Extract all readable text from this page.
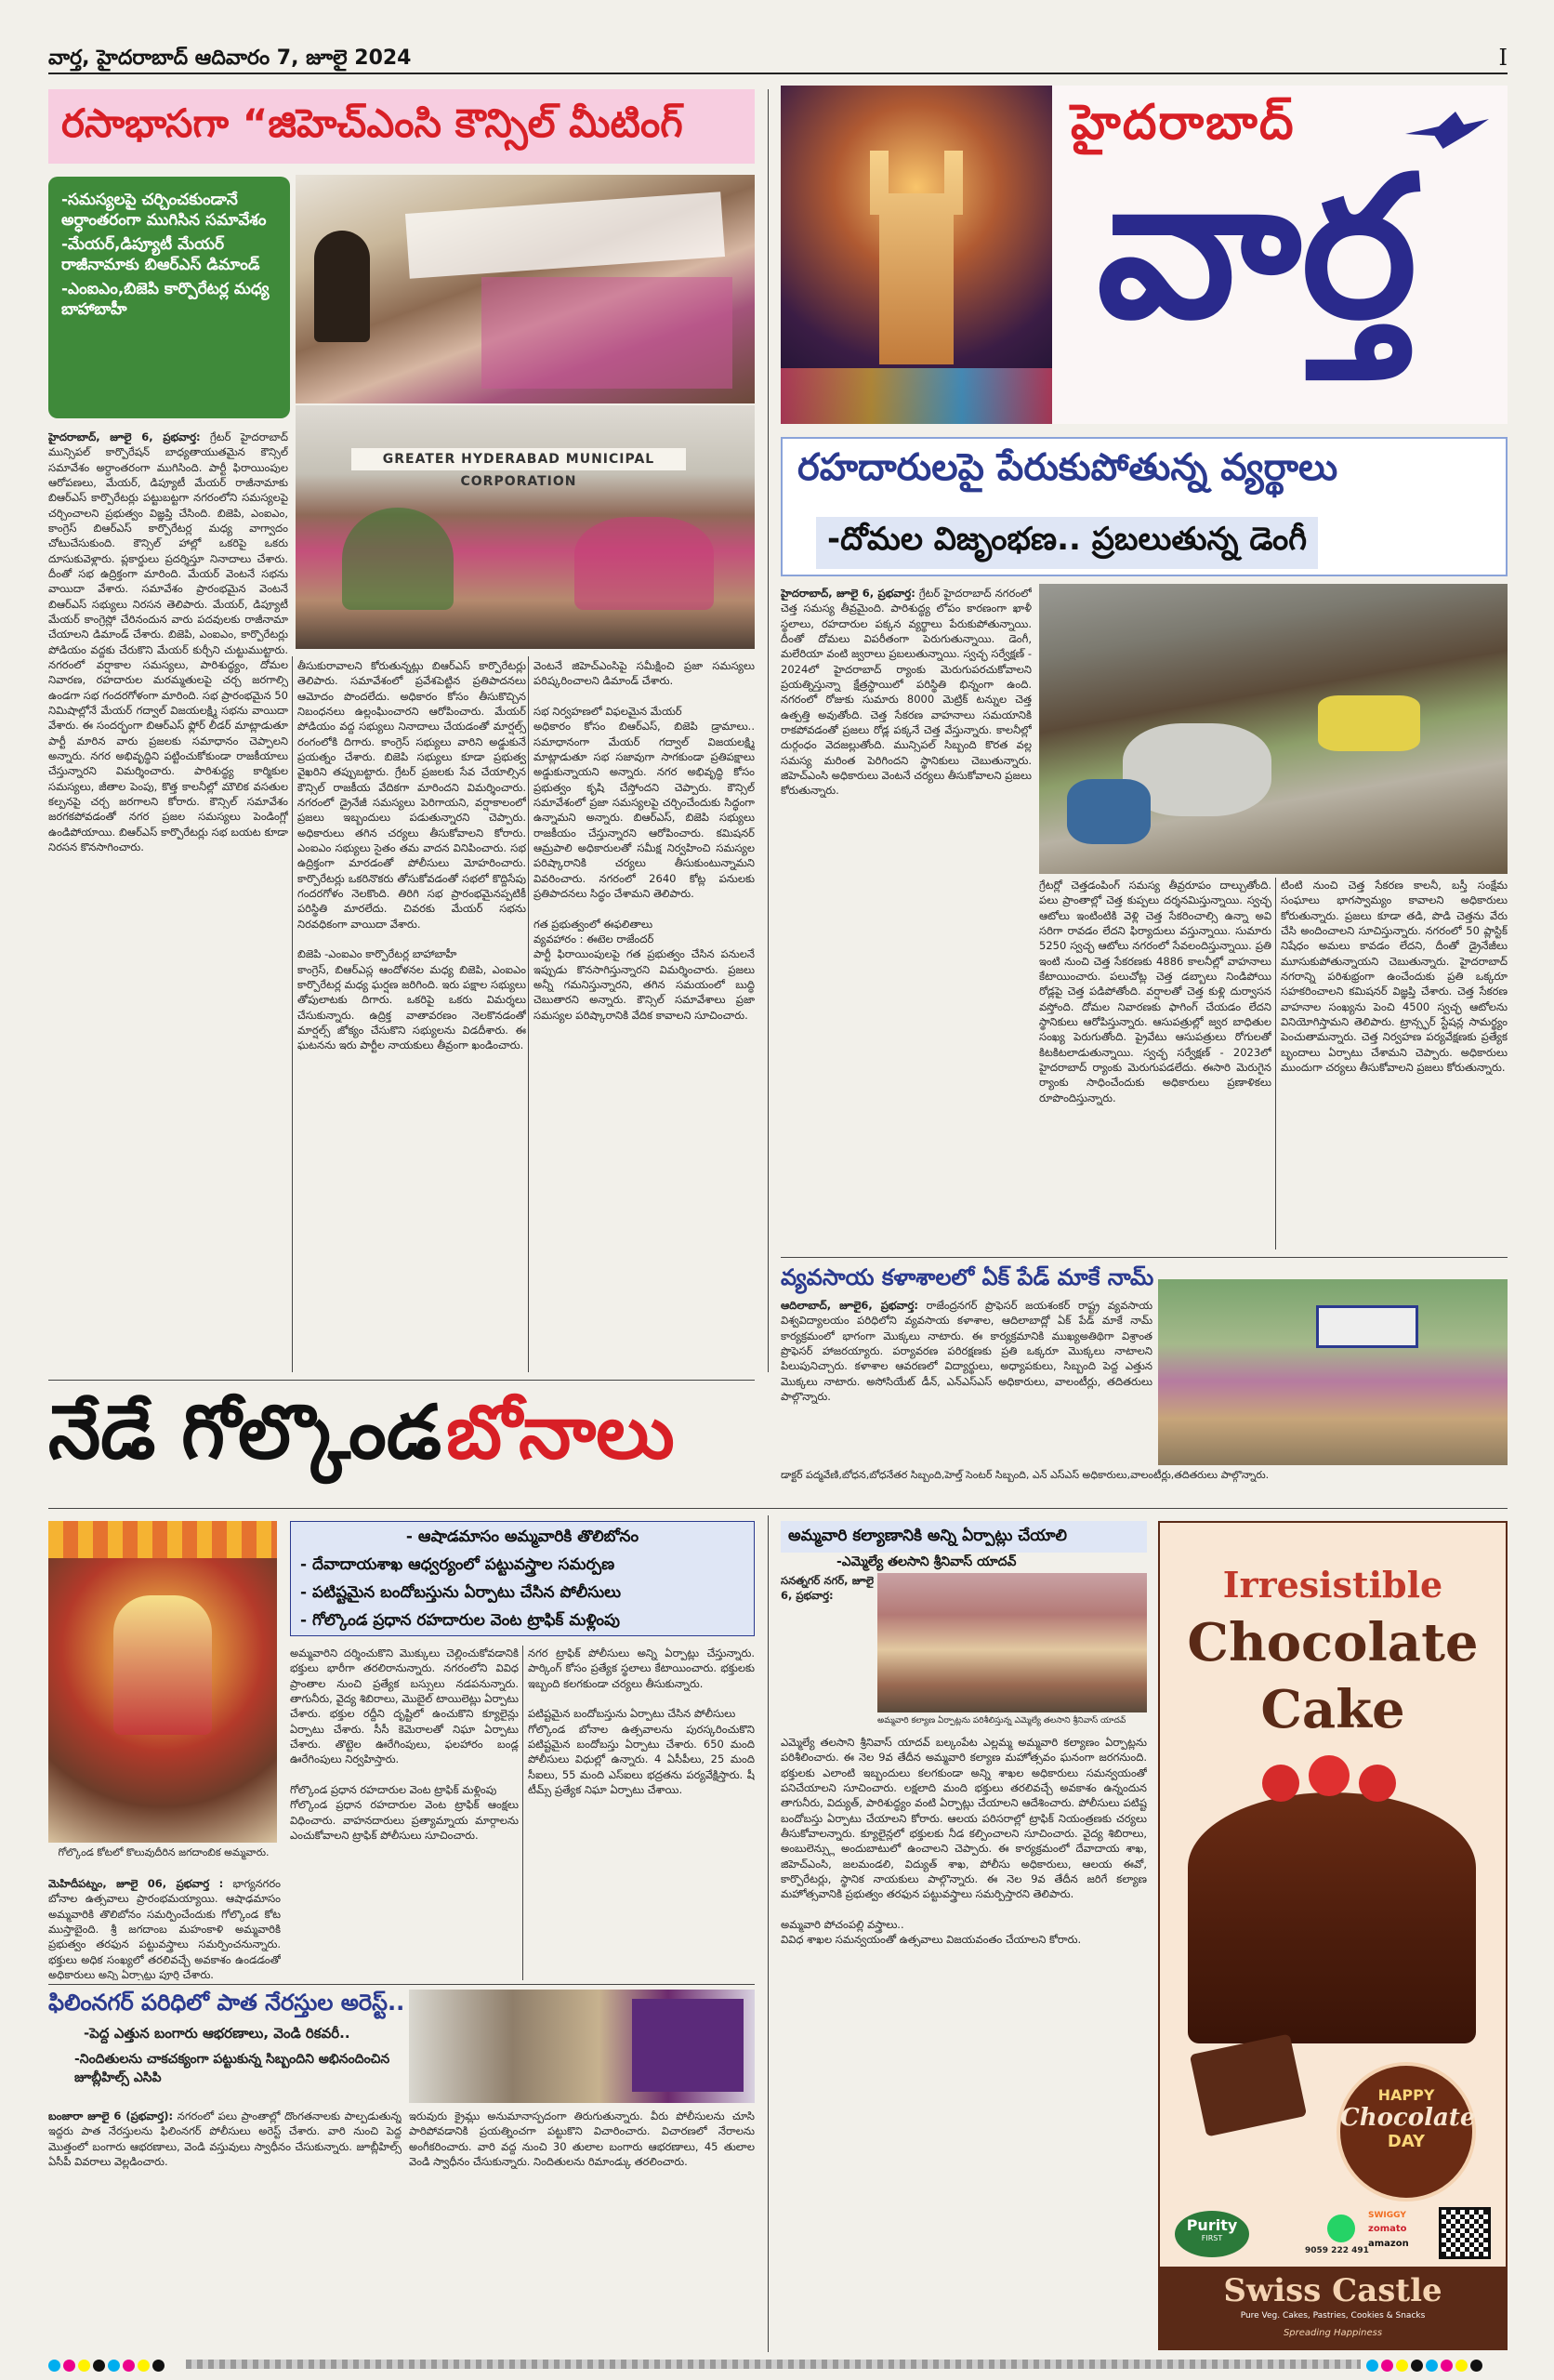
వార్త, హైదరాబాద్ ఆదివారం 7, జూలై 2024	I
రసాభాసగా “జిహెచ్ఎంసి కౌన్సిల్ మీటింగ్
-సమస్యలపై చర్చించకుండానే అర్ధాంతరంగా ముగిసిన సమావేశం
-మేయర్,డిప్యూటీ మేయర్ రాజీనామాకు బిఆర్ఎస్ డిమాండ్
-ఎంఐఎం,బిజెపి కార్పొరేటర్ల మధ్య బాహాబాహీ
GREATER HYDERABAD MUNICIPAL CORPORATION

హైదరాబాద్, జూలై 6, ప్రభవార్త: గ్రేటర్ హైదరాబాద్ మున్సిపల్ కార్పొరేషన్ బాధ్యతాయుతమైన కౌన్సిల్ సమావేశం అర్ధాంతరంగా ముగిసింది. పార్టీ ఫిరాయింపుల ఆరోపణలు, మేయర్, డిప్యూటీ మేయర్ రాజీనామాకు బిఆర్ఎస్ కార్పొరేటర్లు పట్టుబట్టగా నగరంలోని సమస్యలపై చర్చించాలని ప్రభుత్వం విజ్ఞప్తి చేసింది. బిజెపి, ఎంఐఎం, కాంగ్రెస్ బిఆర్ఎస్ కార్పొరేటర్ల మధ్య వాగ్వాదం చోటుచేసుకుంది. కౌన్సిల్ హాల్లో ఒకరిపై ఒకరు దూసుకువెళ్లారు. ప్లకార్డులు ప్రదర్శిస్తూ నినాదాలు చేశారు. దీంతో సభ ఉద్రిక్తంగా మారింది. మేయర్ వెంటనే సభను వాయిదా వేశారు. సమావేశం ప్రారంభమైన వెంటనే బిఆర్ఎస్ సభ్యులు నిరసన తెలిపారు. మేయర్, డిప్యూటీ మేయర్ కాంగ్రెస్లో చేరినందున వారు పదవులకు రాజీనామా చేయాలని డిమాండ్ చేశారు. బిజెపి, ఎంఐఎం, కార్పొరేటర్లు పోడియం వద్దకు చేరుకొని మేయర్ కుర్చీని చుట్టుముట్టారు. నగరంలో వర్షాకాల సమస్యలు, పారిశుద్ధ్యం, దోమల నివారణ, రహదారుల మరమ్మతులపై చర్చ జరగాల్సి ఉండగా సభ గందరగోళంగా మారింది. సభ ప్రారంభమైన 50 నిమిషాల్లోనే మేయర్ గద్వాల్ విజయలక్ష్మి సభను వాయిదా వేశారు. ఈ సందర్భంగా బిఆర్ఎస్ ఫ్లోర్ లీడర్ మాట్లాడుతూ పార్టీ మారిన వారు ప్రజలకు సమాధానం చెప్పాలని అన్నారు. నగర అభివృద్ధిని పట్టించుకోకుండా రాజకీయాలు చేస్తున్నారని విమర్శించారు. పారిశుద్ధ్య కార్మికుల సమస్యలు, జీతాల పెంపు, కొత్త కాలనీల్లో మౌలిక వసతుల కల్పనపై చర్చ జరగాలని కోరారు. కౌన్సిల్ సమావేశం జరగకపోవడంతో నగర ప్రజల సమస్యలు పెండింగ్లో ఉండిపోయాయి. బిఆర్ఎస్ కార్పొరేటర్లు సభ బయట కూడా నిరసన కొనసాగించారు.

తీసుకురావాలని కోరుతున్నట్లు బిఆర్ఎస్ కార్పొరేటర్లు తెలిపారు. సమావేశంలో ప్రవేశపెట్టిన ప్రతిపాదనలు ఆమోదం పొందలేదు. అధికారం కోసం తీసుకొచ్చిన నిబంధనలు ఉల్లంఘించారని ఆరోపించారు. మేయర్ పోడియం వద్ద సభ్యులు నినాదాలు చేయడంతో మార్షల్స్ రంగంలోకి దిగారు. కాంగ్రెస్ సభ్యులు వారిని అడ్డుకునే ప్రయత్నం చేశారు. బిజెపి సభ్యులు కూడా ప్రభుత్వ వైఖరిని తప్పుబట్టారు. గ్రేటర్ ప్రజలకు సేవ చేయాల్సిన కౌన్సిల్ రాజకీయ వేదికగా మారిందని విమర్శించారు. నగరంలో డ్రైనేజీ సమస్యలు పెరిగాయని, వర్షాకాలంలో ప్రజలు ఇబ్బందులు పడుతున్నారని చెప్పారు. అధికారులు తగిన చర్యలు తీసుకోవాలని కోరారు. ఎంఐఎం సభ్యులు సైతం తమ వాదన వినిపించారు. సభ ఉద్రిక్తంగా మారడంతో పోలీసులు మోహరించారు. కార్పొరేటర్లు ఒకరినొకరు తోసుకోవడంతో సభలో కొద్దిసేపు గందరగోళం నెలకొంది. తిరిగి సభ ప్రారంభమైనప్పటికీ పరిస్థితి మారలేదు. చివరకు మేయర్ సభను నిరవధికంగా వాయిదా వేశారు.

బిజెపి -ఎంఐఎం కార్పొరేటర్ల బాహాబాహీ
కాంగ్రెస్, బిఆర్ఎస్ల ఆందోళనల మధ్య బిజెపి, ఎంఐఎం కార్పొరేటర్ల మధ్య ఘర్షణ జరిగింది. ఇరు పక్షాల సభ్యులు తోపులాటకు దిగారు. ఒకరిపై ఒకరు విమర్శలు చేసుకున్నారు. ఉద్రిక్త వాతావరణం నెలకొనడంతో మార్షల్స్ జోక్యం చేసుకొని సభ్యులను విడదీశారు. ఈ ఘటనను ఇరు పార్టీల నాయకులు తీవ్రంగా ఖండించారు.

వెంటనే జిహెచ్ఎంసిపై సమీక్షించి ప్రజా సమస్యలు పరిష్కరించాలని డిమాండ్ చేశారు.

సభ నిర్వహణలో విఫలమైన మేయర్
అధికారం కోసం బిఆర్ఎస్, బిజెపి డ్రామాలు.. సమాధానంగా మేయర్ గద్వాల్ విజయలక్ష్మి మాట్లాడుతూ సభ సజావుగా సాగకుండా ప్రతిపక్షాలు అడ్డుకున్నాయని అన్నారు. నగర అభివృద్ధి కోసం ప్రభుత్వం కృషి చేస్తోందని చెప్పారు. కౌన్సిల్ సమావేశంలో ప్రజా సమస్యలపై చర్చించేందుకు సిద్ధంగా ఉన్నామని అన్నారు. బిఆర్ఎస్, బిజెపి సభ్యులు రాజకీయం చేస్తున్నారని ఆరోపించారు. కమిషనర్ ఆమ్రపాలి అధికారులతో సమీక్ష నిర్వహించి సమస్యల పరిష్కారానికి చర్యలు తీసుకుంటున్నామని వివరించారు. నగరంలో 2640 కోట్ల పనులకు ప్రతిపాదనలు సిద్ధం చేశామని తెలిపారు.

గత ప్రభుత్వంలో ఈఫలితాలు
వ్యవహారం : ఈటెల రాజేందర్
పార్టీ ఫిరాయింపులపై గత ప్రభుత్వం చేసిన పనులనే ఇప్పుడు కొనసాగిస్తున్నారని విమర్శించారు. ప్రజలు అన్నీ గమనిస్తున్నారని, తగిన సమయంలో బుద్ధి చెబుతారని అన్నారు. కౌన్సిల్ సమావేశాలు ప్రజా సమస్యల పరిష్కారానికి వేదిక కావాలని సూచించారు.

హైదరాబాద్
వార్త
రహదారులపై పేరుకుపోతున్న వ్యర్థాలు
-దోమల విజృంభణ.. ప్రబలుతున్న డెంగీ

హైదరాబాద్, జూలై 6, ప్రభవార్త: గ్రేటర్ హైదరాబాద్ నగరంలో చెత్త సమస్య తీవ్రమైంది. పారిశుద్ధ్య లోపం కారణంగా ఖాళీ స్థలాలు, రహదారుల పక్కన వ్యర్థాలు పేరుకుపోతున్నాయి. దీంతో దోమలు విపరీతంగా పెరుగుతున్నాయి. డెంగీ, మలేరియా వంటి జ్వరాలు ప్రబలుతున్నాయి. స్వచ్ఛ సర్వేక్షణ్ - 2024లో హైదరాబాద్ ర్యాంకు మెరుగుపరచుకోవాలని ప్రయత్నిస్తున్నా క్షేత్రస్థాయిలో పరిస్థితి భిన్నంగా ఉంది. నగరంలో రోజుకు సుమారు 8000 మెట్రిక్ టన్నుల చెత్త ఉత్పత్తి అవుతోంది. చెత్త సేకరణ వాహనాలు సమయానికి రాకపోవడంతో ప్రజలు రోడ్ల పక్కనే చెత్త వేస్తున్నారు. కాలనీల్లో దుర్గంధం వెదజల్లుతోంది. మున్సిపల్ సిబ్బంది కొరత వల్ల సమస్య మరింత పెరిగిందని స్థానికులు చెబుతున్నారు. జిహెచ్ఎంసి అధికారులు వెంటనే చర్యలు తీసుకోవాలని ప్రజలు కోరుతున్నారు.

గ్రేటర్లో చెత్తడంపింగ్ సమస్య తీవ్రరూపం దాల్చుతోంది. పలు ప్రాంతాల్లో చెత్త కుప్పలు దర్శనమిస్తున్నాయి. స్వచ్ఛ ఆటోలు ఇంటింటికి వెళ్లి చెత్త సేకరించాల్సి ఉన్నా అవి సరిగా రావడం లేదని ఫిర్యాదులు వస్తున్నాయి. సుమారు 5250 స్వచ్ఛ ఆటోలు నగరంలో సేవలందిస్తున్నాయి. ప్రతి ఇంటి నుంచి చెత్త సేకరణకు 4886 కాలనీల్లో వాహనాలు కేటాయించారు. పలుచోట్ల చెత్త డబ్బాలు నిండిపోయి రోడ్లపై చెత్త పడిపోతోంది. వర్షాలతో చెత్త కుళ్లి దుర్వాసన వస్తోంది. దోమల నివారణకు ఫాగింగ్ చేయడం లేదని స్థానికులు ఆరోపిస్తున్నారు. ఆసుపత్రుల్లో జ్వర బాధితుల సంఖ్య పెరుగుతోంది. ప్రైవేటు ఆసుపత్రులు రోగులతో కిటకిటలాడుతున్నాయి. స్వచ్ఛ సర్వేక్షణ్ - 2023లో హైదరాబాద్ ర్యాంకు మెరుగుపడలేదు. ఈసారి మెరుగైన ర్యాంకు సాధించేందుకు అధికారులు ప్రణాళికలు రూపొందిస్తున్నారు.

టింటి నుంచి చెత్త సేకరణ కాలనీ, బస్తీ సంక్షేమ సంఘాలు భాగస్వామ్యం కావాలని అధికారులు కోరుతున్నారు. ప్రజలు కూడా తడి, పొడి చెత్తను వేరు చేసి అందించాలని సూచిస్తున్నారు. నగరంలో 50 ప్లాస్టిక్ నిషేధం అమలు కావడం లేదని, దీంతో డ్రైనేజీలు మూసుకుపోతున్నాయని చెబుతున్నారు. హైదరాబాద్ నగరాన్ని పరిశుభ్రంగా ఉంచేందుకు ప్రతి ఒక్కరూ సహకరించాలని కమిషనర్ విజ్ఞప్తి చేశారు. చెత్త సేకరణ వాహనాల సంఖ్యను పెంచి 4500 స్వచ్ఛ ఆటోలను వినియోగిస్తామని తెలిపారు. ట్రాన్స్ఫర్ స్టేషన్ల సామర్థ్యం పెంచుతామన్నారు. చెత్త నిర్వహణ పర్యవేక్షణకు ప్రత్యేక బృందాలు ఏర్పాటు చేశామని చెప్పారు. అధికారులు ముందుగా చర్యలు తీసుకోవాలని ప్రజలు కోరుతున్నారు.

వ్యవసాయ కళాశాలలో ఏక్ పేడ్ మాకే నామ్

ఆదిలాబాద్, జూలై6, ప్రభవార్త: రాజేంద్రనగర్ ప్రొఫెసర్ జయశంకర్ రాష్ట్ర వ్యవసాయ విశ్వవిద్యాలయం పరిధిలోని వ్యవసాయ కళాశాల, ఆదిలాబాద్లో ఏక్ పేడ్ మాకే నామ్ కార్యక్రమంలో భాగంగా మొక్కలు నాటారు. ఈ కార్యక్రమానికి ముఖ్యఅతిథిగా విశ్రాంత ప్రొఫెసర్ హాజరయ్యారు. పర్యావరణ పరిరక్షణకు ప్రతి ఒక్కరూ మొక్కలు నాటాలని పిలుపునిచ్చారు. కళాశాల ఆవరణలో విద్యార్థులు, అధ్యాపకులు, సిబ్బంది పెద్ద ఎత్తున మొక్కలు నాటారు. అసోసియేట్ డీన్, ఎన్ఎస్ఎస్ అధికారులు, వాలంటీర్లు, తదితరులు పాల్గొన్నారు.

డాక్టర్ పద్మవేణి,బోధన,బోధనేతర సిబ్బంది,హెల్త్ సెంటర్ సిబ్బంది, ఎన్ ఎస్ఎస్ అధికారులు,వాలంటీర్లు,తదితరులు పాల్గొన్నారు.
నేడే గోల్కొండ బోనాలు
గోల్కొండ కోటలో కొలువుదీరిన జగదాంబిక అమ్మవారు.
- ఆషాడమాసం అమ్మవారికి తొలిబోనం
- దేవాదాయశాఖ ఆధ్వర్యంలో పట్టువస్త్రాల సమర్పణ
- పటిష్టమైన బందోబస్తును ఏర్పాటు చేసిన పోలీసులు
- గోల్కొండ ప్రధాన రహదారుల వెంట ట్రాఫిక్ మళ్లింపు

మెహిదీపట్నం, జూలై 06, ప్రభవార్త : భాగ్యనగరం బోనాల ఉత్సవాలు ప్రారంభమయ్యాయి. ఆషాఢమాసం అమ్మవారికి తొలిబోనం సమర్పించేందుకు గోల్కొండ కోట ముస్తాబైంది. శ్రీ జగదాంబ మహంకాళి అమ్మవారికి ప్రభుత్వం తరఫున పట్టువస్త్రాలు సమర్పించనున్నారు. భక్తులు అధిక సంఖ్యలో తరలివచ్చే అవకాశం ఉండడంతో అధికారులు అన్ని ఏర్పాట్లు పూర్తి చేశారు.

అమ్మవారిని దర్శించుకొని మొక్కులు చెల్లించుకోవడానికి భక్తులు భారీగా తరలిరానున్నారు. నగరంలోని వివిధ ప్రాంతాల నుంచి ప్రత్యేక బస్సులు నడపనున్నారు. తాగునీరు, వైద్య శిబిరాలు, మొబైల్ టాయిలెట్లు ఏర్పాటు చేశారు. భక్తుల రద్దీని దృష్టిలో ఉంచుకొని క్యూలైన్లు ఏర్పాటు చేశారు. సీసీ కెమెరాలతో నిఘా ఏర్పాటు చేశారు. తొట్టెల ఊరేగింపులు, ఫలహారం బండ్ల ఊరేగింపులు నిర్వహిస్తారు.

గోల్కొండ ప్రధాన రహదారుల వెంట ట్రాఫిక్ మళ్లింపు
గోల్కొండ ప్రధాన రహదారుల వెంట ట్రాఫిక్ ఆంక్షలు విధించారు. వాహనదారులు ప్రత్యామ్నాయ మార్గాలను ఎంచుకోవాలని ట్రాఫిక్ పోలీసులు సూచించారు.

నగర ట్రాఫిక్ పోలీసులు అన్ని ఏర్పాట్లు చేస్తున్నారు. పార్కింగ్ కోసం ప్రత్యేక స్థలాలు కేటాయించారు. భక్తులకు ఇబ్బంది కలగకుండా చర్యలు తీసుకున్నారు.

పటిష్టమైన బందోబస్తును ఏర్పాటు చేసిన పోలీసులు
గోల్కొండ బోనాల ఉత్సవాలను పురస్కరించుకొని పటిష్టమైన బందోబస్తు ఏర్పాటు చేశారు. 650 మంది పోలీసులు విధుల్లో ఉన్నారు. 4 ఏసీపీలు, 25 మంది సీఐలు, 55 మంది ఎస్ఐలు భద్రతను పర్యవేక్షిస్తారు. షీ టీమ్స్ ప్రత్యేక నిఘా ఏర్పాటు చేశాయి.

ఫిలింనగర్ పరిధిలో పాత నేరస్తుల అరెస్ట్..
-పెద్ద ఎత్తున బంగారు ఆభరణాలు, వెండి రికవరీ..
-నిందితులను చాకచక్యంగా పట్టుకున్న సిబ్బందిని అభినందించిన జూబ్లీహిల్స్ ఎసిపి

బంజారా జూలై 6 (ప్రభవార్త): నగరంలో పలు ప్రాంతాల్లో దొంగతనాలకు పాల్పడుతున్న ఇద్దరు పాత నేరస్తులను ఫిలింనగర్ పోలీసులు అరెస్ట్ చేశారు. వారి నుంచి పెద్ద మొత్తంలో బంగారు ఆభరణాలు, వెండి వస్తువులు స్వాధీనం చేసుకున్నారు. జూబ్లీహిల్స్ ఏసీపీ వివరాలు వెల్లడించారు.

ఇరువురు క్రైమ్లు అనుమానాస్పదంగా తిరుగుతున్నారు. వీరు పోలీసులను చూసి పారిపోవడానికి ప్రయత్నించగా పట్టుకొని విచారించారు. విచారణలో నేరాలను అంగీకరించారు. వారి వద్ద నుంచి 30 తులాల బంగారు ఆభరణాలు, 45 తులాల వెండి స్వాధీనం చేసుకున్నారు. నిందితులను రిమాండ్కు తరలించారు.

అమ్మవారి కల్యాణానికి అన్ని ఏర్పాట్లు చేయాలి
-ఎమ్మెల్యే తలసాని శ్రీనివాస్ యాదవ్

సనత్నగర్ నగర్, జూలై 6, ప్రభవార్త:

అమ్మవారి కల్యాణ ఏర్పాట్లను పరిశీలిస్తున్న ఎమ్మెల్యే తలసాని శ్రీనివాస్ యాదవ్

ఎమ్మెల్యే తలసాని శ్రీనివాస్ యాదవ్ బల్కంపేట ఎల్లమ్మ అమ్మవారి కల్యాణం ఏర్పాట్లను పరిశీలించారు. ఈ నెల 9వ తేదీన అమ్మవారి కల్యాణ మహోత్సవం ఘనంగా జరగనుంది. భక్తులకు ఎలాంటి ఇబ్బందులు కలగకుండా అన్ని శాఖల అధికారులు సమన్వయంతో పనిచేయాలని సూచించారు. లక్షలాది మంది భక్తులు తరలివచ్చే అవకాశం ఉన్నందున తాగునీరు, విద్యుత్, పారిశుద్ధ్యం వంటి ఏర్పాట్లు చేయాలని ఆదేశించారు. పోలీసులు పటిష్ట బందోబస్తు ఏర్పాటు చేయాలని కోరారు. ఆలయ పరిసరాల్లో ట్రాఫిక్ నియంత్రణకు చర్యలు తీసుకోవాలన్నారు. క్యూలైన్లలో భక్తులకు నీడ కల్పించాలని సూచించారు. వైద్య శిబిరాలు, అంబులెన్స్లు అందుబాటులో ఉంచాలని చెప్పారు. ఈ కార్యక్రమంలో దేవాదాయ శాఖ, జిహెచ్ఎంసి, జలమండలి, విద్యుత్ శాఖ, పోలీసు అధికారులు, ఆలయ ఈవో, కార్పొరేటర్లు, స్థానిక నాయకులు పాల్గొన్నారు. ఈ నెల 9వ తేదీన జరిగే కల్యాణ మహోత్సవానికి ప్రభుత్వం తరఫున పట్టువస్త్రాలు సమర్పిస్తారని తెలిపారు.

అమ్మవారి పోచంపల్లి వస్త్రాలు..
వివిధ శాఖల సమన్వయంతో ఉత్సవాలు విజయవంతం చేయాలని కోరారు.

Irresistible
Chocolate
Cake
HAPPY
Chocolate
DAY
Purity
FIRST
9059 222 491
SWIGGY
zomato
amazon
Swiss Castle
Pure Veg. Cakes, Pastries, Cookies & Snacks
Spreading Happiness
